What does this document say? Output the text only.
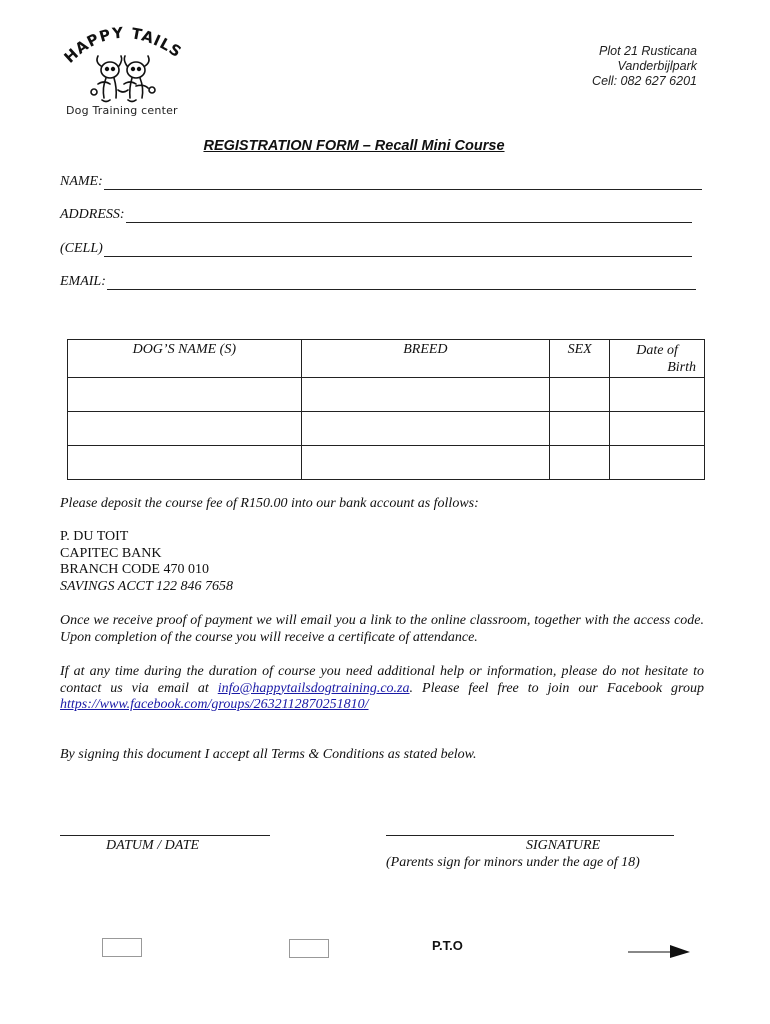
HAPPY TAILS
Dog Training center
Plot 21 Rusticana
Vanderbijlpark
Cell: 082 627 6201
REGISTRATION FORM – Recall Mini Course
NAME:
ADDRESS:
(CELL)
EMAIL:
DOG’S NAME (S)	BREED	SEX	Date of
Birth

Please deposit the course fee of R150.00 into our bank account as follows:
P. DU TOIT
CAPITEC BANK
BRANCH CODE 470 010
SAVINGS ACCT 122 846 7658
Once we receive proof of payment we will email you a link to the online classroom, together with the access code. Upon completion of the course you will receive a certificate of attendance.
If at any time during the duration of course you need additional help or information, please do not hesitate to contact us via email at info@happytailsdogtraining.co.za. Please feel free to join our Facebook group https://www.facebook.com/groups/2632112870251810/
By signing this document I accept all Terms & Conditions as stated below.
DATUM / DATE	SIGNATURE
(Parents sign for minors under the age of 18)
P.T.O
